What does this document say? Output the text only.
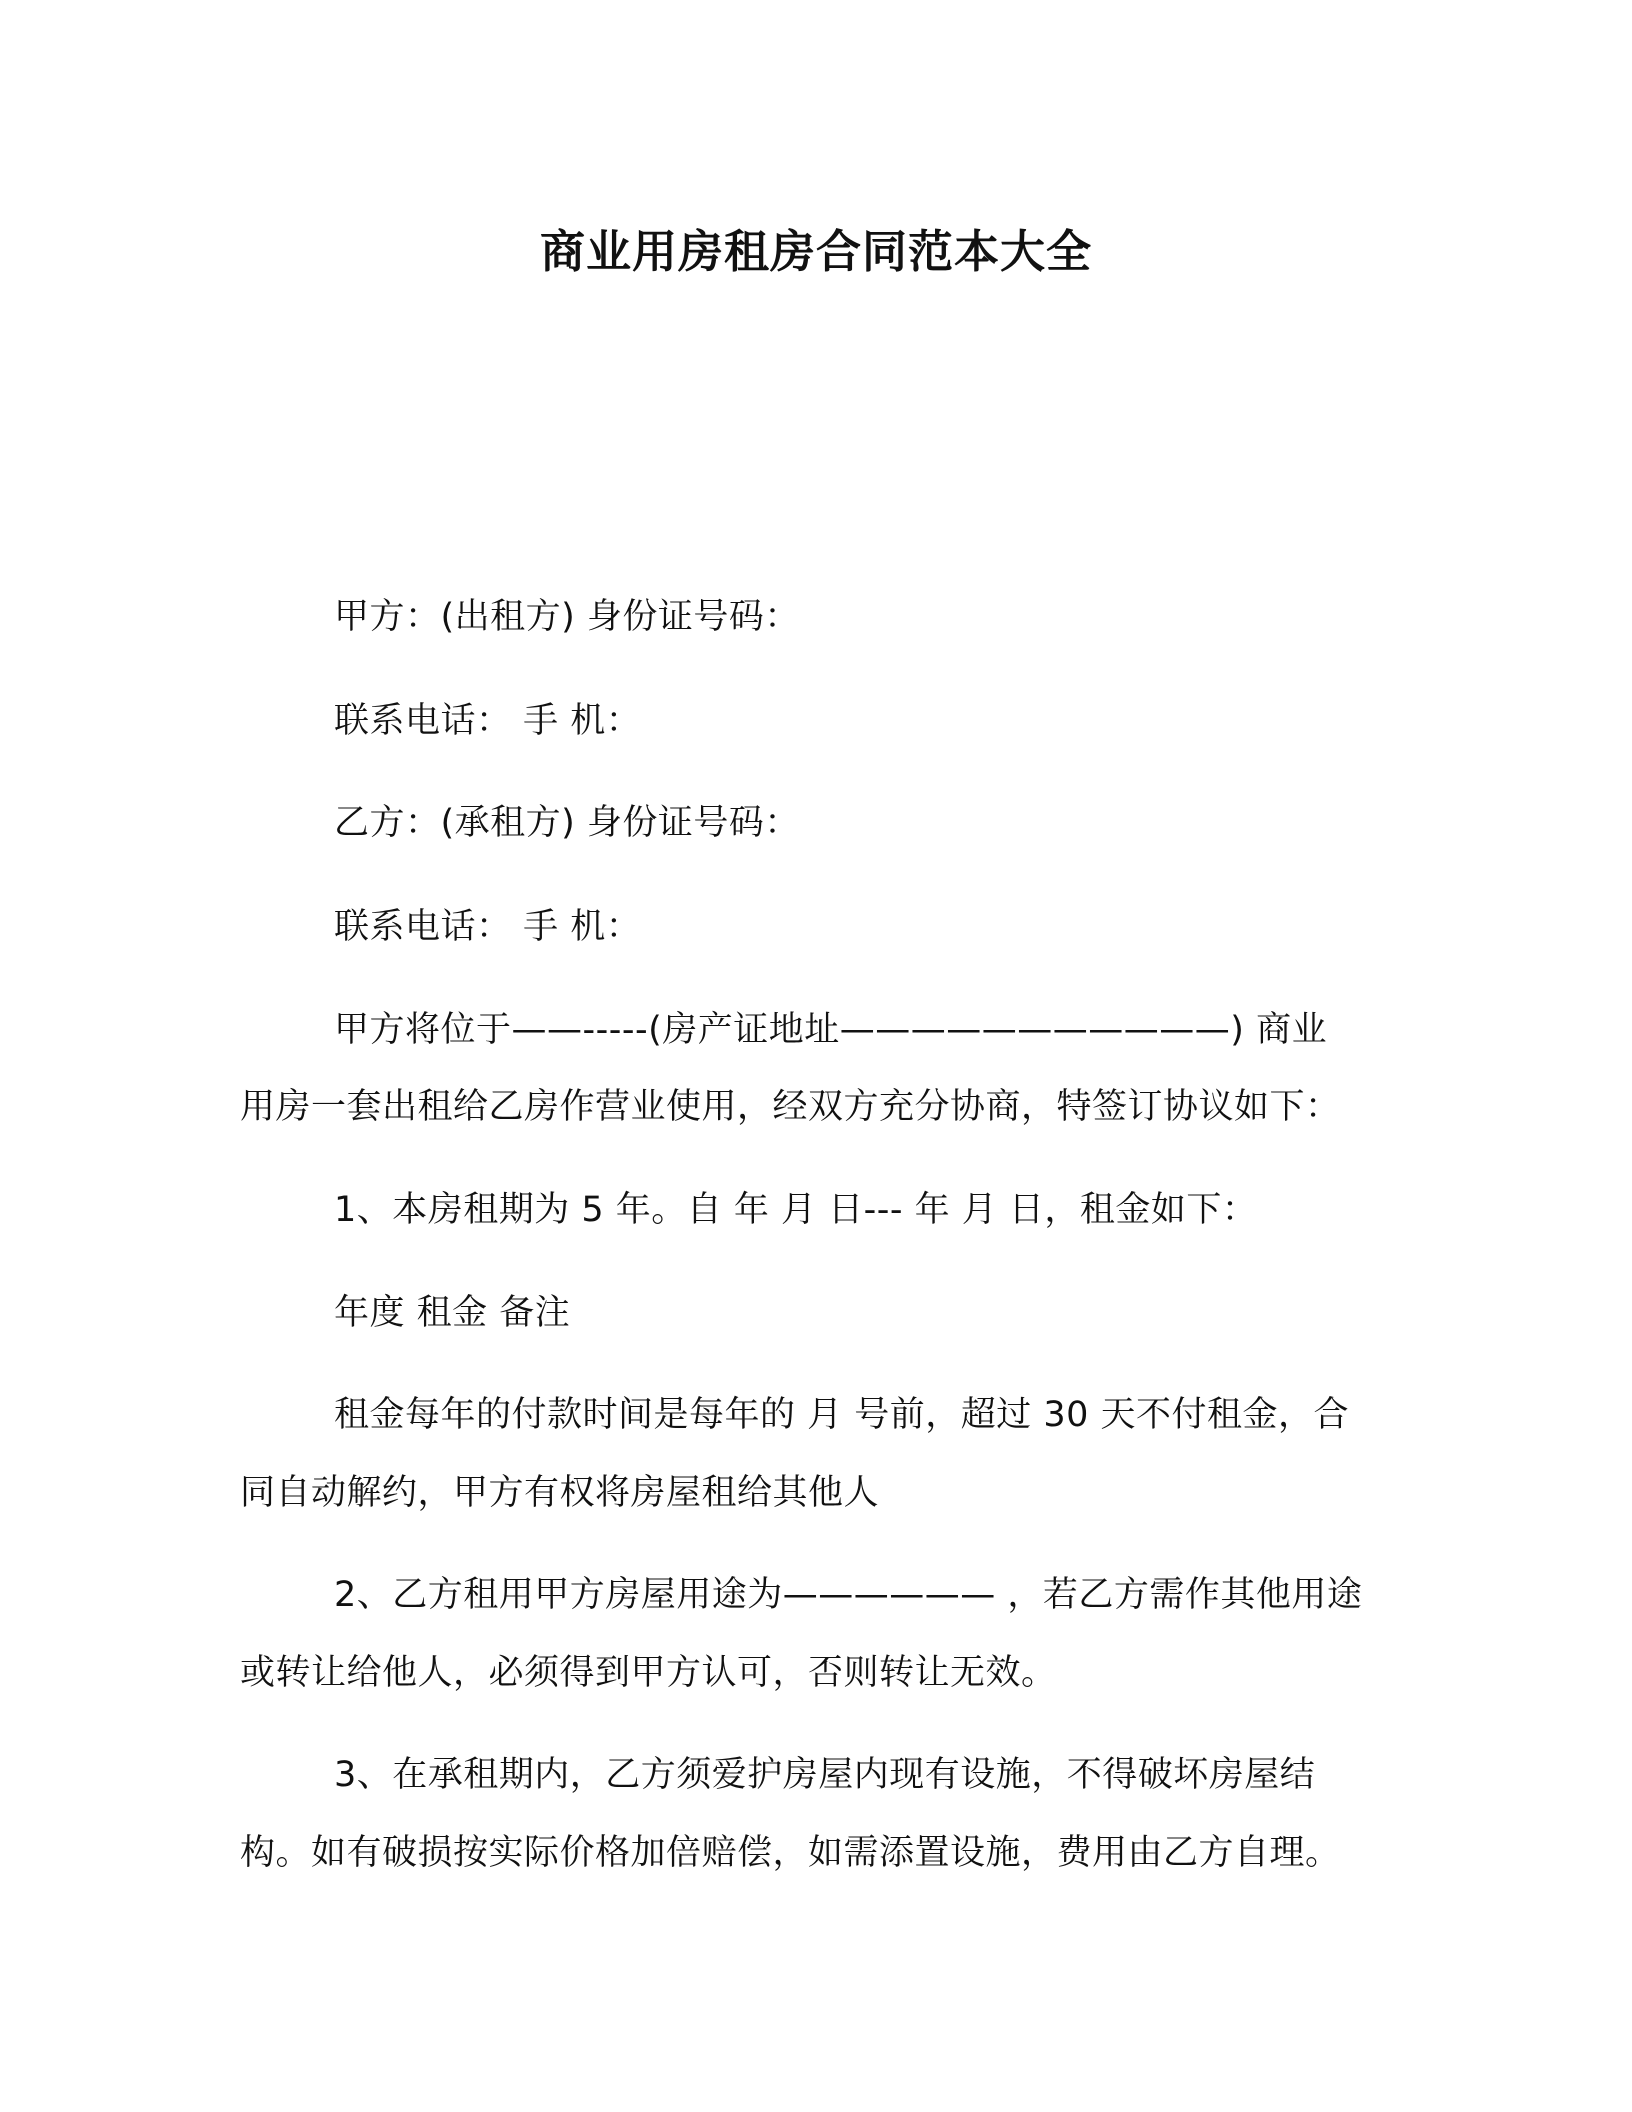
商业用房租房合同范本大全
甲方：(出租方) 身份证号码：
联系电话： 手 机：
乙方：(承租方) 身份证号码：
联系电话： 手 机：
甲方将位于——-----(房产证地址———————————) 商业
用房一套出租给乙房作营业使用，经双方充分协商，特签订协议如下：
1、本房租期为 5 年。自 年 月 日--- 年 月 日，租金如下：
年度 租金 备注
租金每年的付款时间是每年的 月 号前，超过 30 天不付租金，合
同自动解约，甲方有权将房屋租给其他人
2、乙方租用甲方房屋用途为—————— ，若乙方需作其他用途
或转让给他人，必须得到甲方认可，否则转让无效。
3、在承租期内，乙方须爱护房屋内现有设施，不得破坏房屋结
构。如有破损按实际价格加倍赔偿，如需添置设施，费用由乙方自理。
